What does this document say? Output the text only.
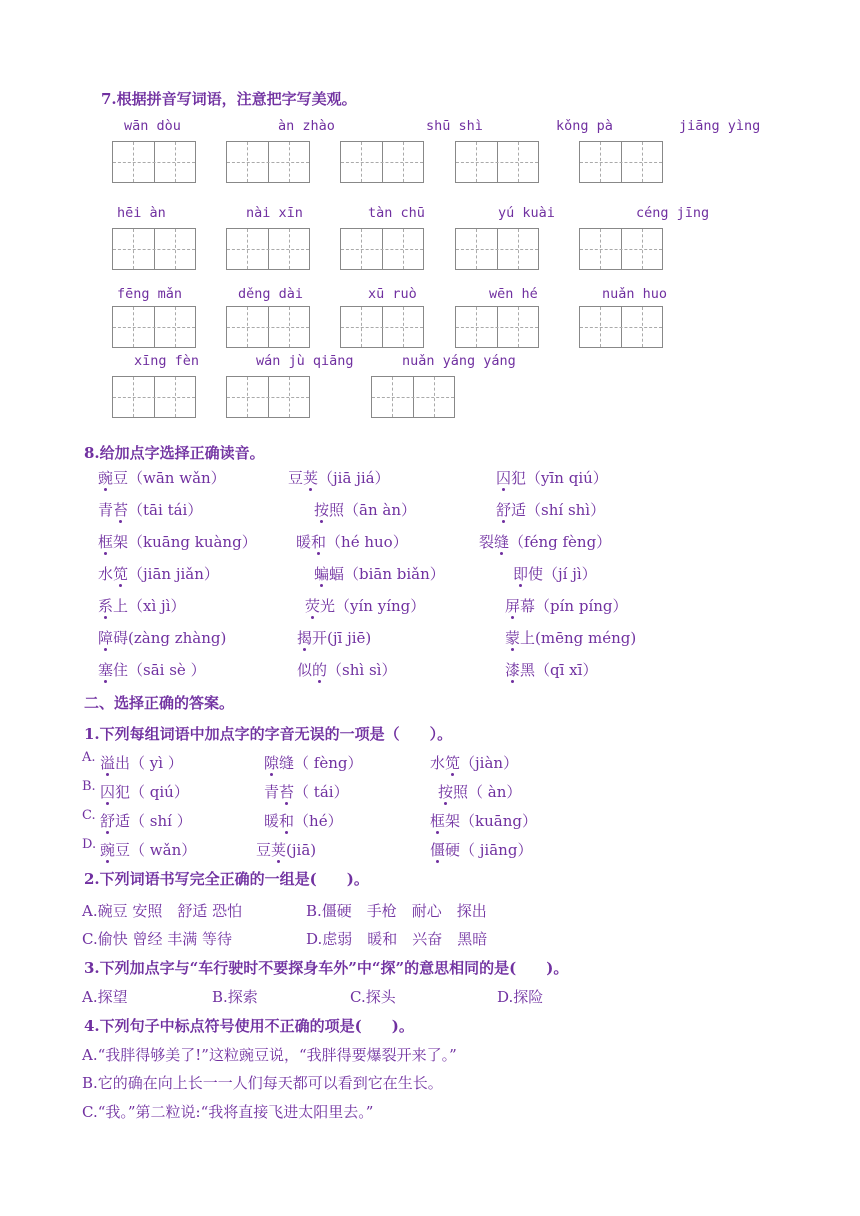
7.根据拼音写词语，注意把字写美观。
wān dòu	àn zhào	shū shì	kǒng pà	jiāng yìng
hēi àn	nài xīn	tàn chū	yú kuài	céng jīng
fēng mǎn	děng dài	xū ruò	wēn hé	nuǎn huo
xīng fèn	wán jù qiāng	nuǎn yáng yáng
8.给加点字选择正确读音。
豌豆（wān wǎn）	豆荚（jiā jiá）	囚犯（yīn qiú）
青苔（tāi tái）	按照（ān àn）	舒适（shí shì）
框架（kuāng kuàng）	暖和（hé huo）	裂缝（féng fèng）
水笕（jiān jiǎn）	蝙蝠（biān biǎn）	即使（jí jì）
系上（xì jì）	荧光（yín yíng）	屏幕（pín píng）
障碍(zàng zhàng)	揭开(jī jiē)	蒙上(mēng méng)
塞住（sāi sè ）	似的（shì sì）	漆黑（qī xī）
二、选择正确的答案。
1.下列每组词语中加点字的字音无误的一项是（　　）。
A. 溢出（ yì ）	隙缝（ fèng）	水笕（jiàn）
B. 囚犯（ qiú）	青苔（ tái）	按照（ àn）
C. 舒适（ shí ）	暖和（hé）	框架（kuāng）
D. 豌豆（ wǎn）	豆荚(jiā)	僵硬（ jiāng）
2.下列词语书写完全正确的一组是(　　)。
A.碗豆 安照　舒适 恐怕	B.僵硬　手枪　耐心　探出
C.偷快 曾经 丰满 等待	D.虑弱　暖和　兴奋　黑暗
3.下列加点字与“车行驶时不要探身车外”中“探”的意思相同的是(　　)。
A.探望	B.探索	C.探头	D.探险
4.下列句子中标点符号使用不正确的项是(　　)。
A.“我胖得够美了!”这粒豌豆说，“我胖得要爆裂开来了。”
B.它的确在向上长一一人们每天都可以看到它在生长。
C.“我。”第二粒说:“我将直接飞进太阳里去。”
